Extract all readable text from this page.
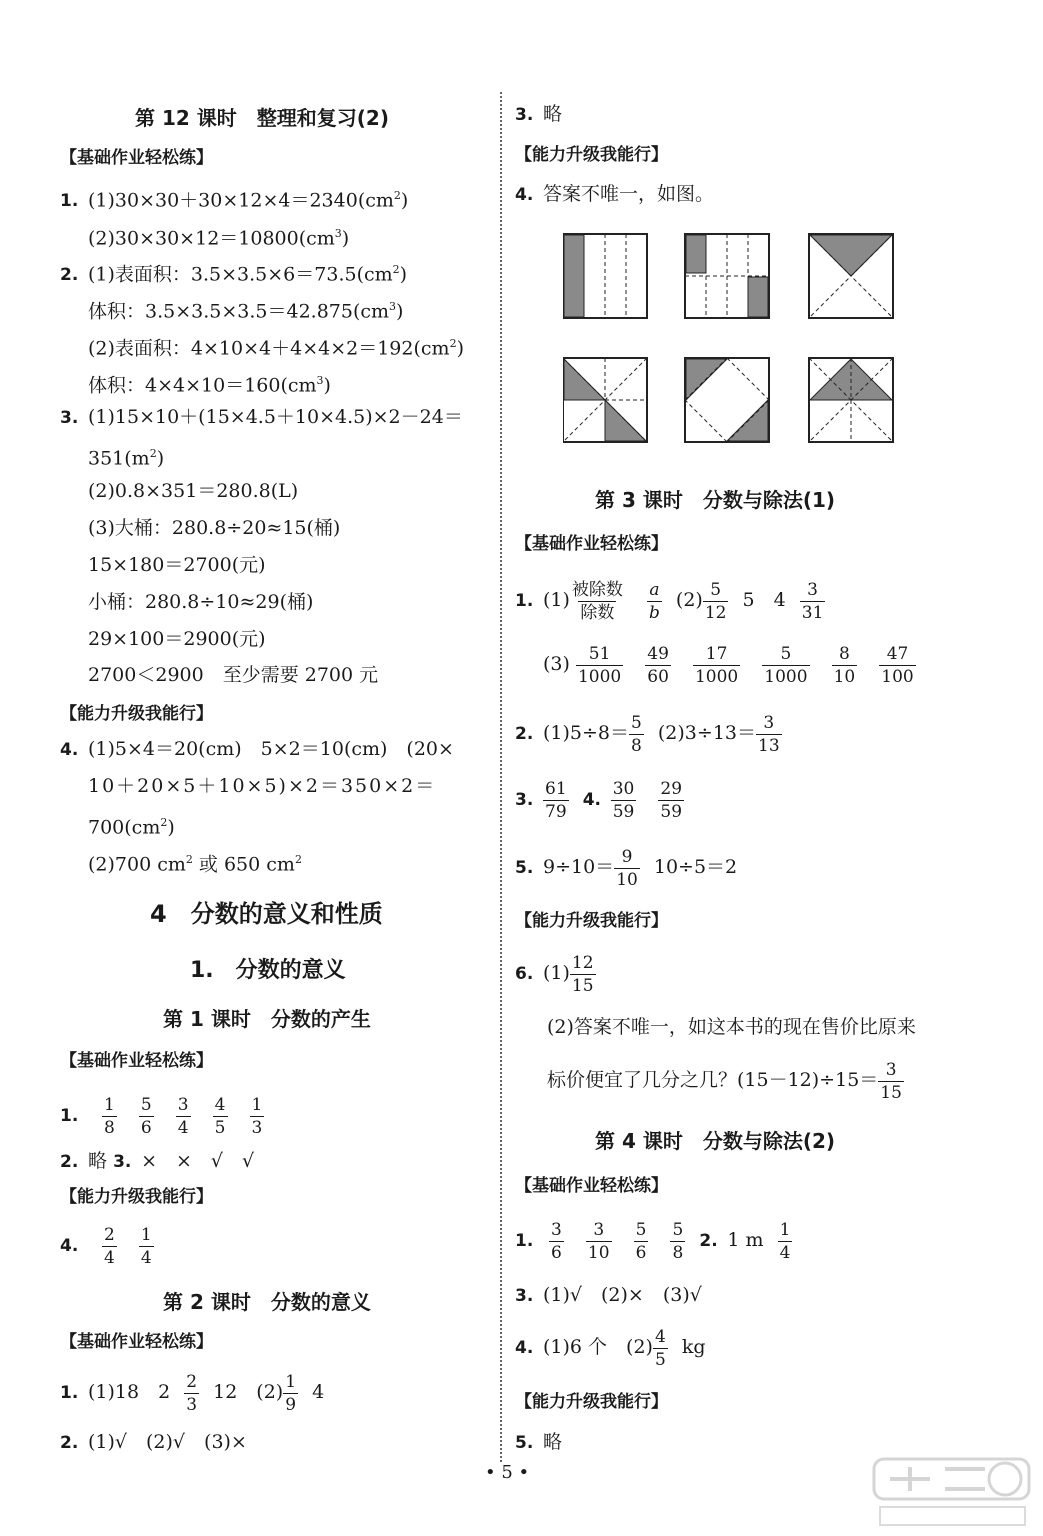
第 12 课时　整理和复习(2)
【基础作业轻松练】
1. $(1)30\times 30+30\times 12\times 4=2340(cm^2)$
$(2)30\times 30\times 12=10800(cm^3)$
2. (1)表面积：$3.5\times 3.5\times 6=73.5(cm^2)$
体积：$3.5\times 3.5\times 3.5=42.875(cm^3)$
(2)表面积：$4\times 10\times 4+4\times 4\times 2=192(cm^2)$
体积：$4\times 4\times 10=160(cm^3)$
3. (1)15×10＋(15×4.5＋10×4.5)×2－24＝
$351(m^2)$
(2)0.8×351＝280.8(L)
(3)大桶：280.8÷20≈15(桶)
15×180＝2700(元)
小桶：280.8÷10≈29(桶)
29×100＝2900(元)
2700＜2900　至少需要 2700 元
【能力升级我能行】
4. (1)5×4＝20(cm)　5×2＝10(cm)　(20×
10＋20×5＋10×5)×2＝350×2＝
$700(cm^2)$
(2)700 $cm^2$ 或 650 $cm^2$
4　分数的意义和性质
1.　分数的意义
第 1 课时　分数的产生
【基础作业轻松练】
1. $\frac{1}{8}$
$\frac{5}{6}$
$\frac{3}{4}$
$\frac{4}{5}$
$\frac{1}{3}$
2. 略 3. ×　×　√　√
【能力升级我能行】
4. $\frac{2}{4}$
$\frac{1}{4}$
第 2 课时　分数的意义
【基础作业轻松练】
1. (1)18　$2 \frac{2}{3} 12$　$(2) \frac{1}{9} 4$
2. (1)√　(2)√　(3)×
3. 略
【能力升级我能行】
4. 答案不唯一，如图。
第 3 课时　分数与除法(1)
【基础作业轻松练】
1. $(1) \frac{\text{被除数}}{\text{除数}}$
$\frac{a}{b} (2) \frac{5}{12} 5$　$4 \frac{3}{31}$
$(3) \frac{51}{1000}$
$\frac{49}{60}$
$\frac{17}{1000}$
$\frac{5}{1000}$
$\frac{8}{10}$
$\frac{47}{100}$
2. $(1)5\div 8= \frac{5}{8} (2)3\div 13= \frac{3}{13}$
3. $\frac{61}{79} 4$. $\frac{30}{59}$
$\frac{29}{59}$
5. $9\div 10= \frac{9}{10} 10\div 5=2$
【能力升级我能行】
6. $(1) \frac{12}{15}$
(2)答案不唯一，如这本书的现在售价比原来
标价便宜了几分之几？$(15-12)\div 15= \frac{3}{15}$
第 4 课时　分数与除法(2)
【基础作业轻松练】
1. $\frac{3}{6}$
$\frac{3}{10}$
$\frac{5}{6}$
$\frac{5}{8} 2$. 1 m $\frac{1}{4}$
3. (1)√　(2)×　(3)√
4. (1)6 个　$(2) \frac{4}{5}$ kg
【能力升级我能行】
5. 略
• 5 •
